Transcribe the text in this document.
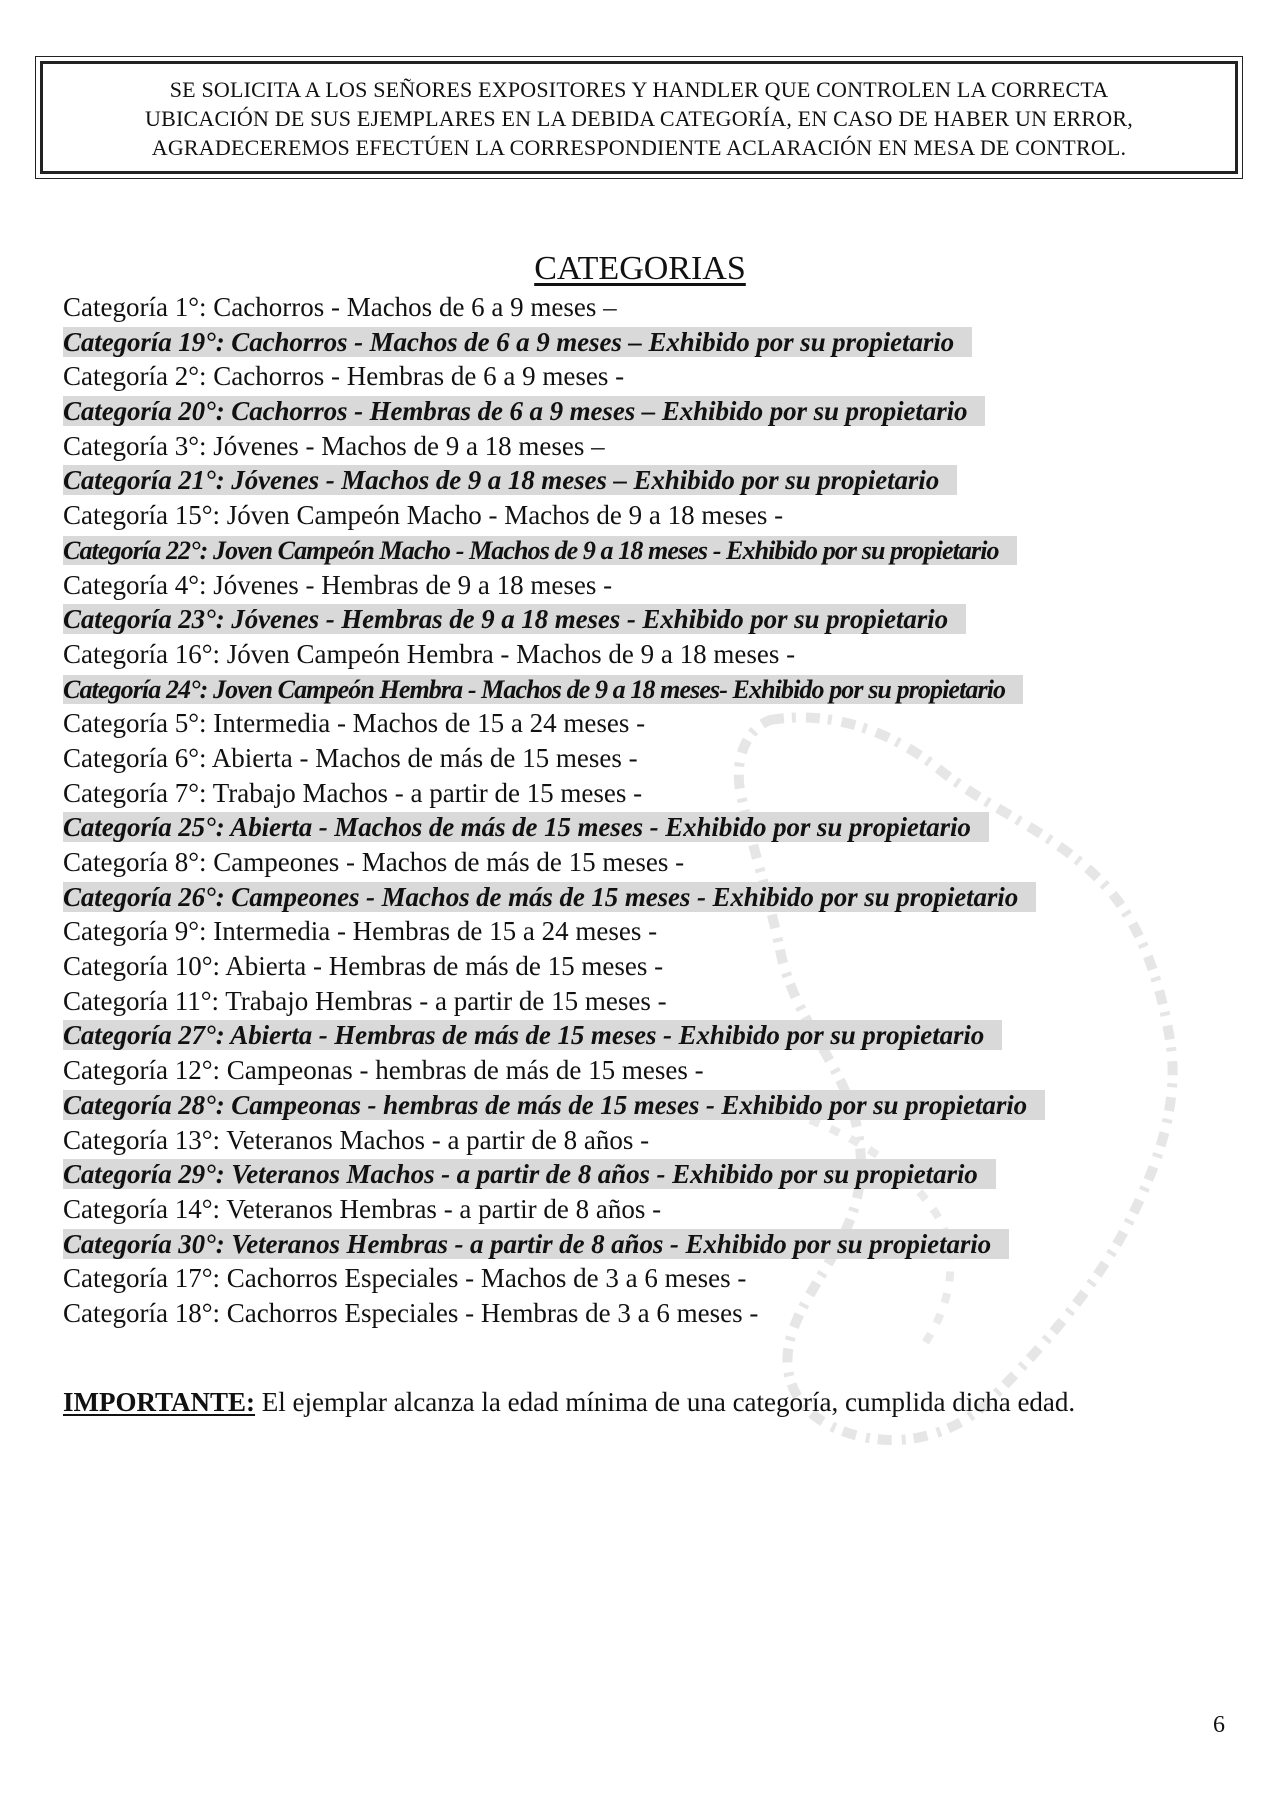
SE SOLICITA A LOS SEÑORES EXPOSITORES Y HANDLER QUE CONTROLEN LA CORRECTA
UBICACIÓN DE SUS EJEMPLARES EN LA DEBIDA CATEGORÍA, EN CASO DE HABER UN ERROR,
AGRADECEREMOS EFECTÚEN LA CORRESPONDIENTE ACLARACIÓN EN MESA DE CONTROL.
CATEGORIAS
Categoría 1°: Cachorros - Machos de 6 a 9 meses –
Categoría 19°: Cachorros - Machos de 6 a 9 meses – Exhibido por su propietario
Categoría 2°: Cachorros - Hembras de 6 a 9 meses -
Categoría 20°: Cachorros - Hembras de 6 a 9 meses – Exhibido por su propietario
Categoría 3°: Jóvenes - Machos de 9 a 18 meses –
Categoría 21°: Jóvenes - Machos de 9 a 18 meses – Exhibido por su propietario
Categoría 15°: Jóven Campeón Macho - Machos de 9 a 18 meses -
Categoría 22°: Joven Campeón Macho - Machos de 9 a 18 meses - Exhibido por su propietario
Categoría 4°: Jóvenes - Hembras de 9 a 18 meses -
Categoría 23°: Jóvenes - Hembras de 9 a 18 meses - Exhibido por su propietario
Categoría 16°: Jóven Campeón Hembra - Machos de 9 a 18 meses -
Categoría 24°: Joven Campeón Hembra - Machos de 9 a 18 meses- Exhibido por su propietario
Categoría 5°: Intermedia - Machos de 15 a 24 meses -
Categoría 6°: Abierta - Machos de más de 15 meses -
Categoría 7°: Trabajo Machos - a partir de 15 meses -
Categoría 25°: Abierta - Machos de más de 15 meses - Exhibido por su propietario
Categoría 8°: Campeones - Machos de más de 15 meses -
Categoría 26°: Campeones - Machos de más de 15 meses - Exhibido por su propietario
Categoría 9°: Intermedia - Hembras de 15 a 24 meses -
Categoría 10°: Abierta - Hembras de más de 15 meses -
Categoría 11°: Trabajo Hembras - a partir de 15 meses -
Categoría 27°: Abierta - Hembras de más de 15 meses - Exhibido por su propietario
Categoría 12°: Campeonas - hembras de más de 15 meses -
Categoría 28°: Campeonas - hembras de más de 15 meses - Exhibido por su propietario
Categoría 13°: Veteranos Machos - a partir de 8 años -
Categoría 29°: Veteranos Machos - a partir de 8 años - Exhibido por su propietario
Categoría 14°: Veteranos Hembras - a partir de 8 años -
Categoría 30°: Veteranos Hembras - a partir de 8 años - Exhibido por su propietario
Categoría 17°: Cachorros Especiales - Machos de 3 a 6 meses -
Categoría 18°: Cachorros Especiales - Hembras de 3 a 6 meses -
IMPORTANTE: El ejemplar alcanza la edad mínima de una categoría, cumplida dicha edad.
6
